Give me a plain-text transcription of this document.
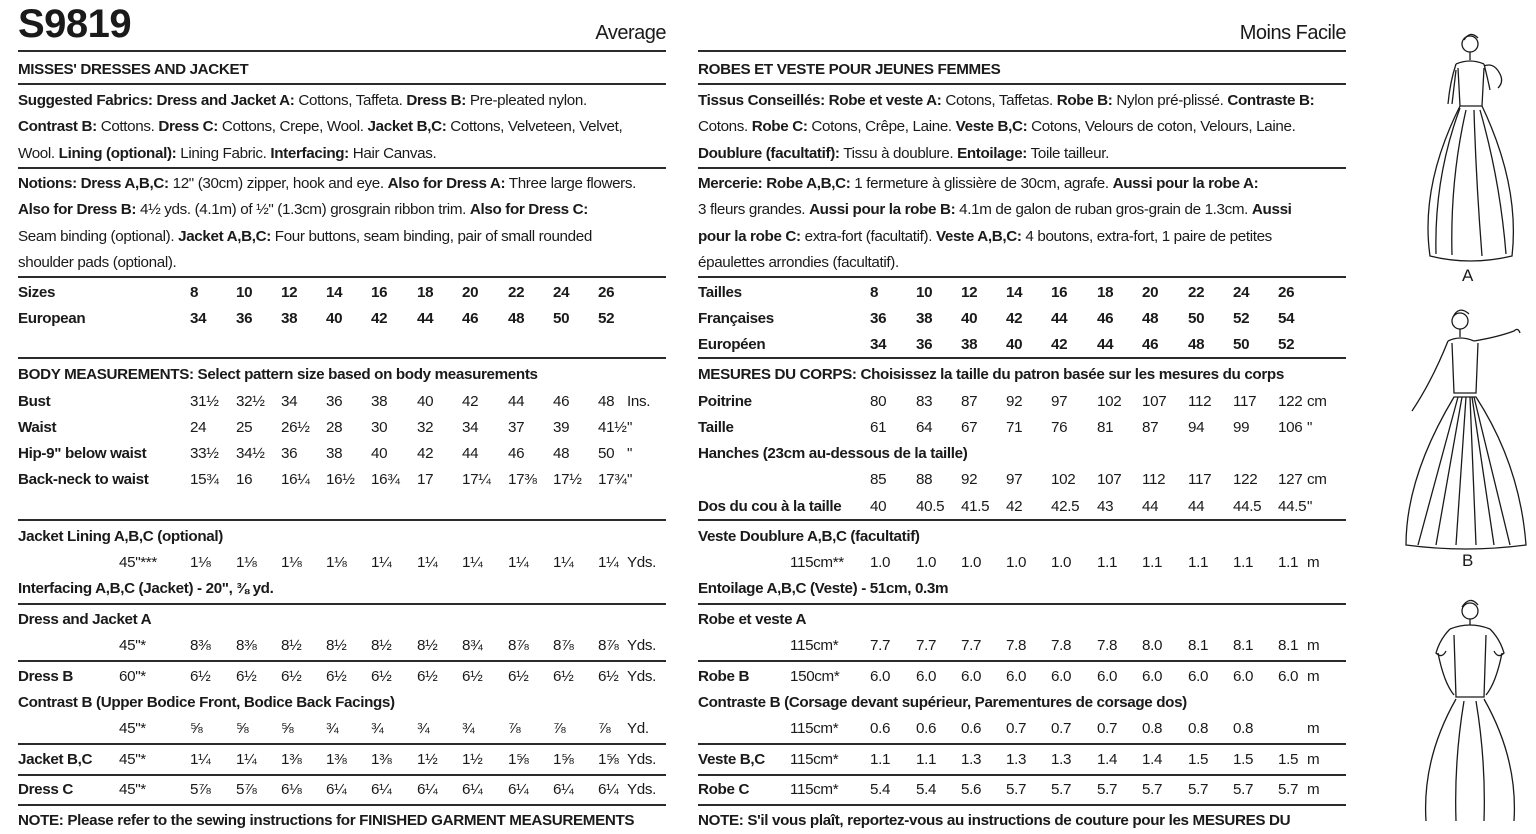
S9819	Average
MISSES' DRESSES AND JACKET
Suggested Fabrics: Dress and Jacket A: Cottons, Taffeta. Dress B: Pre-pleated nylon.
Contrast B: Cottons. Dress C: Cottons, Crepe, Wool. Jacket B,C: Cottons, Velveteen, Velvet,
Wool. Lining (optional): Lining Fabric. Interfacing: Hair Canvas.
Notions: Dress A,B,C: 12" (30cm) zipper, hook and eye. Also for Dress A: Three large flowers.
Also for Dress B: 4½ yds. (4.1m) of ½" (1.3cm) grosgrain ribbon trim. Also for Dress C:
Seam binding (optional). Jacket A,B,C: Four buttons, seam binding, pair of small rounded
shoulder pads (optional).
Sizes	8 10 12 14 16 18 20 22 24 26
European	34 36 38 40 42 44 46 48 50 52
BODY MEASUREMENTS: Select pattern size based on body measurements
Bust	31½ 32½ 34 36 38 40 42 44 46 48 Ins.
Waist	24 25 26½ 28 30 32 34 37 39 41½ "
Hip-9" below waist	33½ 34½ 36 38 40 42 44 46 48 50 "
Back-neck to waist	15¾ 16 16¼ 16½ 16¾ 17 17¼ 17⅜ 17½ 17¾ "
Jacket Lining A,B,C (optional)
45"*** 1⅛ 1⅛ 1⅛ 1⅛ 1¼ 1¼ 1¼ 1¼ 1¼ 1¼ Yds.
Interfacing A,B,C (Jacket) - 20", ⅜ yd.
Dress and Jacket A
45"*	8⅜ 8⅜ 8½ 8½ 8½ 8½ 8¾ 8⅞ 8⅞ 8⅞ Yds.
Dress B	60"*	6½ 6½ 6½ 6½ 6½ 6½ 6½ 6½ 6½ 6½ Yds.
Contrast B (Upper Bodice Front, Bodice Back Facings)
45"*	⅝ ⅝ ⅝ ¾ ¾ ¾ ¾ ⅞ ⅞ ⅞ Yd.
Jacket B,C 45"*	1¼ 1¼ 1⅜ 1⅜ 1⅜ 1½ 1½ 1⅝ 1⅝ 1⅝ Yds.
Dress C	45"*	5⅞ 5⅞ 6⅛ 6¼ 6¼ 6¼ 6¼ 6¼ 6¼ 6¼ Yds.
NOTE: Please refer to the sewing instructions for FINISHED GARMENT MEASUREMENTS
Moins Facile
ROBES ET VESTE POUR JEUNES FEMMES
Tissus Conseillés: Robe et veste A: Cotons, Taffetas. Robe B: Nylon pré-plissé. Contraste B:
Cotons. Robe C: Cotons, Crêpe, Laine. Veste B,C: Cotons, Velours de coton, Velours, Laine.
Doublure (facultatif): Tissu à doublure. Entoilage: Toile tailleur.
Mercerie: Robe A,B,C: 1 fermeture à glissière de 30cm, agrafe. Aussi pour la robe A:
3 fleurs grandes. Aussi pour la robe B: 4.1m de galon de ruban gros-grain de 1.3cm. Aussi
pour la robe C: extra-fort (facultatif). Veste A,B,C: 4 boutons, extra-fort, 1 paire de petites
épaulettes arrondies (facultatif).
Tailles	8 10 12 14 16 18 20 22 24 26
Françaises	36 38 40 42 44 46 48 50 52 54
Européen	34 36 38 40 42 44 46 48 50 52
MESURES DU CORPS: Choisissez la taille du patron basée sur les mesures du corps
Poitrine	80 83 87 92 97 102 107 112 117 122 cm
Taille	61 64 67 71 76 81 87 94 99 106 "
Hanches (23cm au-dessous de la taille)
85 88 92 97 102 107 112 117 122 127 cm
Dos du cou à la taille 40 40.5 41.5 42 42.5 43 44 44 44.5 44.5 "
Veste Doublure A,B,C (facultatif)
115cm** 1.0 1.0 1.0 1.0 1.0 1.1 1.1 1.1 1.1 1.1 m
Entoilage A,B,C (Veste) - 51cm, 0.3m
Robe et veste A
115cm* 7.7 7.7 7.7 7.8 7.8 7.8 8.0 8.1 8.1 8.1 m
Robe B	150cm* 6.0 6.0 6.0 6.0 6.0 6.0 6.0 6.0 6.0 6.0 m
Contraste B (Corsage devant supérieur, Parementures de corsage dos)
115cm* 0.6 0.6 0.6 0.7 0.7 0.7 0.8 0.8 0.8	m
Veste B,C 115cm* 1.1 1.1 1.3 1.3 1.3 1.4 1.4 1.5 1.5 1.5 m
Robe C	115cm* 5.4 5.4 5.6 5.7 5.7 5.7 5.7 5.7 5.7 5.7 m
NOTE: S'il vous plaît, reportez-vous au instructions de couture pour les MESURES DU
A
B
